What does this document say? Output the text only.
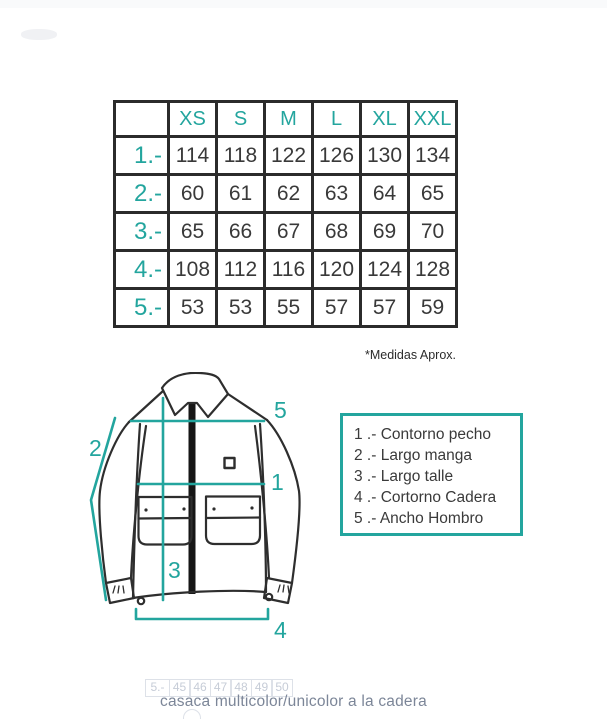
	XS	S	M	L	XL	XXL
1.-	114	118	122	126	130	134
2.-	60	61	62	63	64	65
3.-	65	66	67	68	69	70
4.-	108	112	116	120	124	128
5.-	53	53	55	57	57	59
*Medidas Aprox.
1 .- Contorno pecho
2 .- Largo manga
3 .- Largo talle
4 .- Cortorno Cadera
5 .- Ancho Hombro
5
1
2
3
4
5.- 45 46 47 48 49 50
casaca multicolor/unicolor a la cadera
